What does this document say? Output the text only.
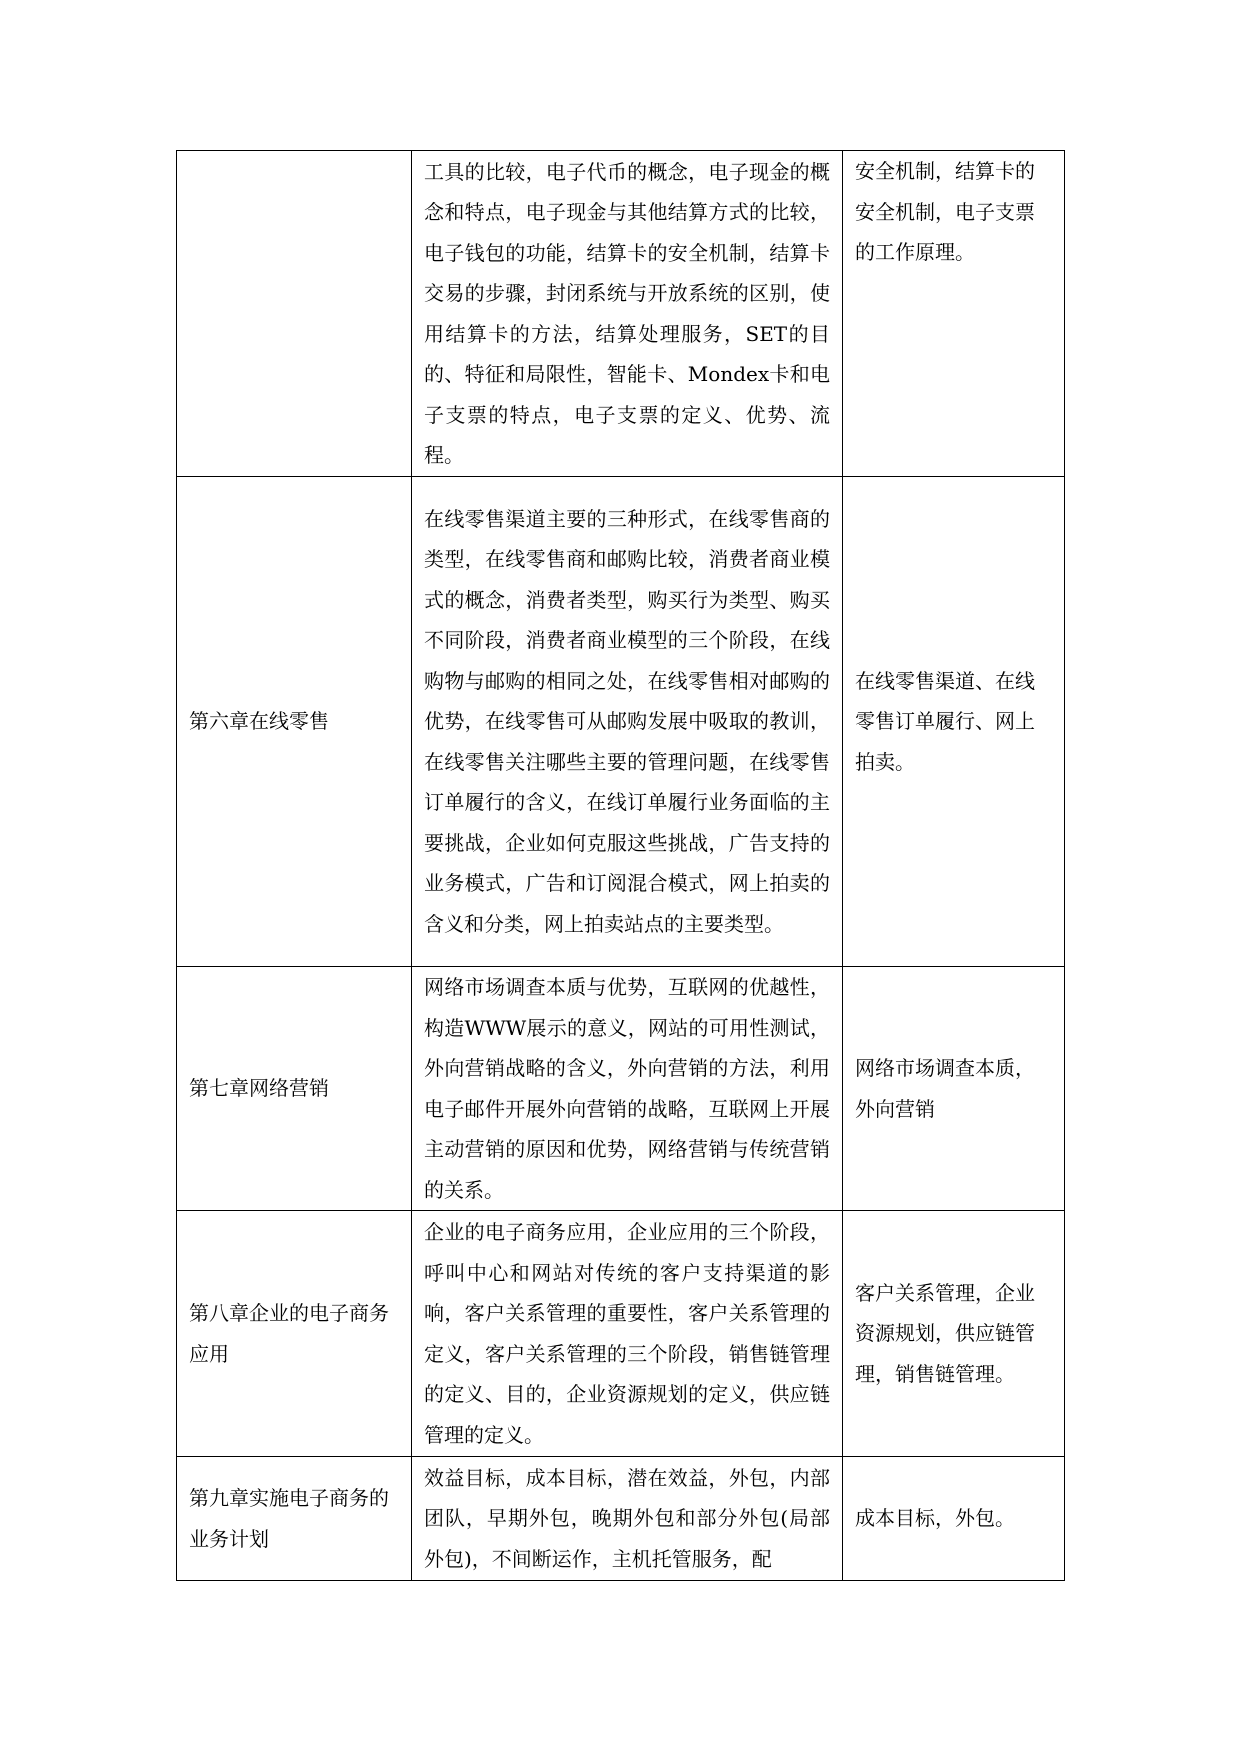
	工具的比较，电子代币的概念，电子现金的概念和特点，电子现金与其他结算方式的比较，电子钱包的功能，结算卡的安全机制，结算卡交易的步骤，封闭系统与开放系统的区别，使用结算卡的方法，结算处理服务，SET的目的、特征和局限性，智能卡、Mondex卡和电子支票的特点，电子支票的定义、优势、流程。	安全机制，结算卡的安全机制，电子支票的工作原理。
第六章在线零售	在线零售渠道主要的三种形式，在线零售商的类型，在线零售商和邮购比较，消费者商业模式的概念，消费者类型，购买行为类型、购买不同阶段，消费者商业模型的三个阶段，在线购物与邮购的相同之处，在线零售相对邮购的优势，在线零售可从邮购发展中吸取的教训，在线零售关注哪些主要的管理问题，在线零售订单履行的含义，在线订单履行业务面临的主要挑战，企业如何克服这些挑战，广告支持的业务模式，广告和订阅混合模式，网上拍卖的含义和分类，网上拍卖站点的主要类型。	在线零售渠道、在线零售订单履行、网上拍卖。
第七章网络营销	网络市场调查本质与优势，互联网的优越性，构造WWW展示的意义，网站的可用性测试，外向营销战略的含义，外向营销的方法，利用电子邮件开展外向营销的战略，互联网上开展主动营销的原因和优势，网络营销与传统营销的关系。	网络市场调查本质，外向营销
第八章企业的电子商务应用	企业的电子商务应用，企业应用的三个阶段，呼叫中心和网站对传统的客户支持渠道的影响，客户关系管理的重要性，客户关系管理的定义，客户关系管理的三个阶段，销售链管理的定义、目的，企业资源规划的定义，供应链管理的定义。	客户关系管理，企业资源规划，供应链管理，销售链管理。
第九章实施电子商务的业务计划	效益目标，成本目标，潜在效益，外包，内部团队，早期外包，晚期外包和部分外包(局部外包)，不间断运作，主机托管服务，配	成本目标，外包。
